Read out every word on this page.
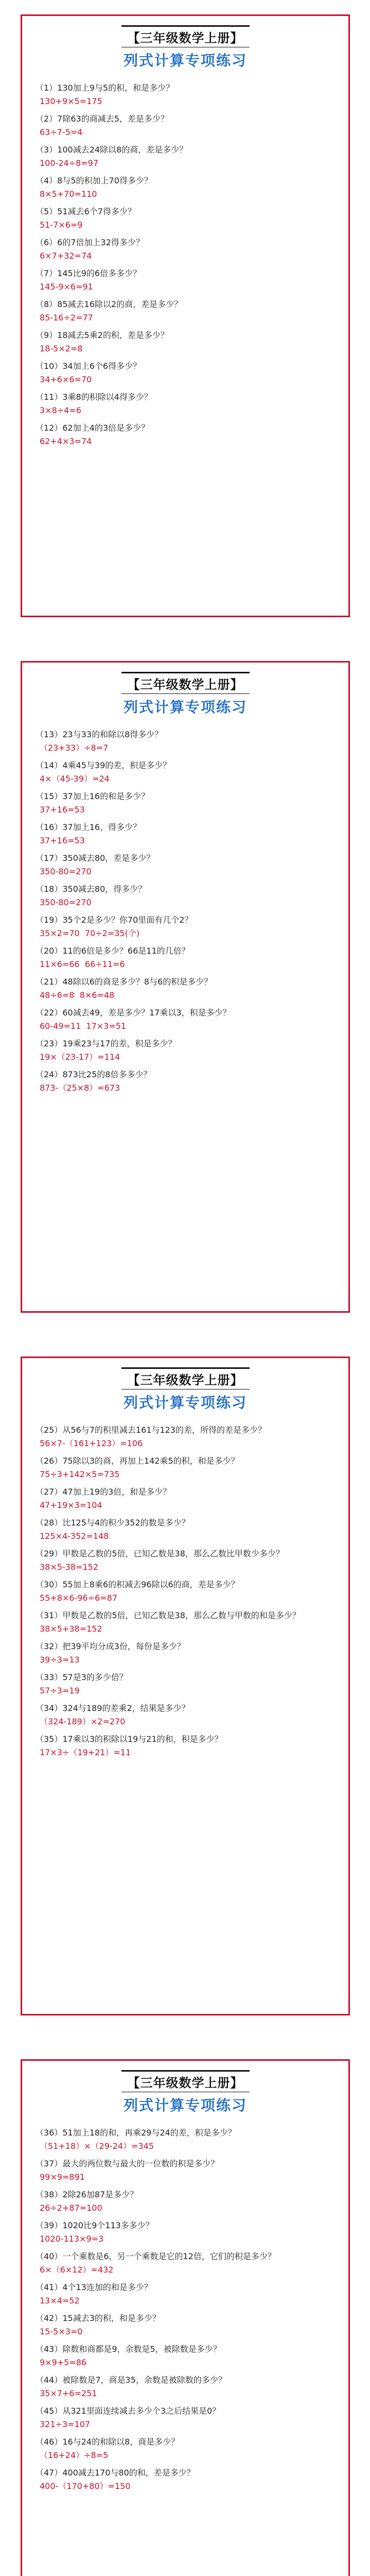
【三年级数学上册】
列式计算专项练习
（1）130加上9与5的积，和是多少？
130+9×5=175
（2）7除63的商减去5，差是多少？
63÷7-5=4
（3）100减去24除以8的商，差是多少？
100-24÷8=97
（4）8与5的积加上70得多少？
8×5+70=110
（5）51减去6个7得多少？
51-7×6=9
（6）6的7倍加上32得多少？
6×7+32=74
（7）145比9的6倍多多少？
145-9×6=91
（8）85减去16除以2的商，差是多少？
85-16÷2=77
（9）18减去5乘2的积，差是多少？
18-5×2=8
（10）34加上6个6得多少？
34+6×6=70
（11）3乘8的积除以4得多少？
3×8÷4=6
（12）62加上4的3倍是多少？
62+4×3=74
【三年级数学上册】
列式计算专项练习
（13）23与33的和除以8得多少？
（23+33）÷8=7
（14）4乘45与39的差，积是多少？
4×（45-39）=24
（15）37加上16的和是多少？
37+16=53
（16）37加上16，得多少？
37+16=53
（17）350减去80，差是多少？
350-80=270
（18）350减去80，得多少？
350-80=270
（19）35个2是多少？你70里面有几个2？
35×2=70  70÷2=35(个)
（20）11的6倍是多少？66是11的几倍？
11×6=66  66÷11=6
（21）48除以6的商是多少？8与6的积是多少？
48÷6=8  8×6=48
（22）60减去49，差是多少？17乘以3，积是多少？
60-49=11  17×3=51
（23）19乘23与17的差，积是多少？
19×（23-17）=114
（24）873比25的8倍多多少？
873-（25×8）=673
【三年级数学上册】
列式计算专项练习
（25）从56与7的积里减去161与123的差，所得的差是多少？
56×7-（161+123）=106
（26）75除以3的商，再加上142乘5的积，和是多少？
75÷3+142×5=735
（27）47加上19的3倍，和是多少？
47+19×3=104
（28）比125与4的积少352的数是多少？
125×4-352=148
（29）甲数是乙数的5倍，已知乙数是38，那么乙数比甲数少多少？
38×5-38=152
（30）55加上8乘6的积减去96除以6的商，差是多少？
55+8×6-96÷6=87
（31）甲数是乙数的5倍，已知乙数是38，那么乙数与甲数的和是多少？
38×5+38=152
（32）把39平均分成3份，每份是多少？
39÷3=13
（33）57是3的多少倍？
57÷3=19
（34）324与189的差乘2，结果是多少？
（324-189）×2=270
（35）17乘以3的积除以19与21的和，积是多少？
17×3÷（19+21）=11
【三年级数学上册】
列式计算专项练习
（36）51加上18的和，再乘29与24的差，积是多少？
（51+18）×（29-24）=345
（37）最大的两位数与最大的一位数的积是多少？
99×9=891
（38）2除26加87是多少？
26÷2+87=100
（39）1020比9个113多多少？
1020-113×9=3
（40）一个乘数是6，另一个乘数是它的12倍，它们的积是多少？
6×（6×12）=432
（41）4个13连加的和是多少？
13×4=52
（42）15减去3的积，和是多少？
15-5×3=0
（43）除数和商都是9，余数是5，被除数是多少？
9×9+5=86
（44）被除数是7，商是35，余数是被除数的多少？
35×7+6=251
（45）从321里面连续减去多少个3之后结果是0？
321÷3=107
（46）16与24的和除以8，商是多少？
（16+24）÷8=5
（47）400减去170与80的和，差是多少？
400-（170+80）=150
